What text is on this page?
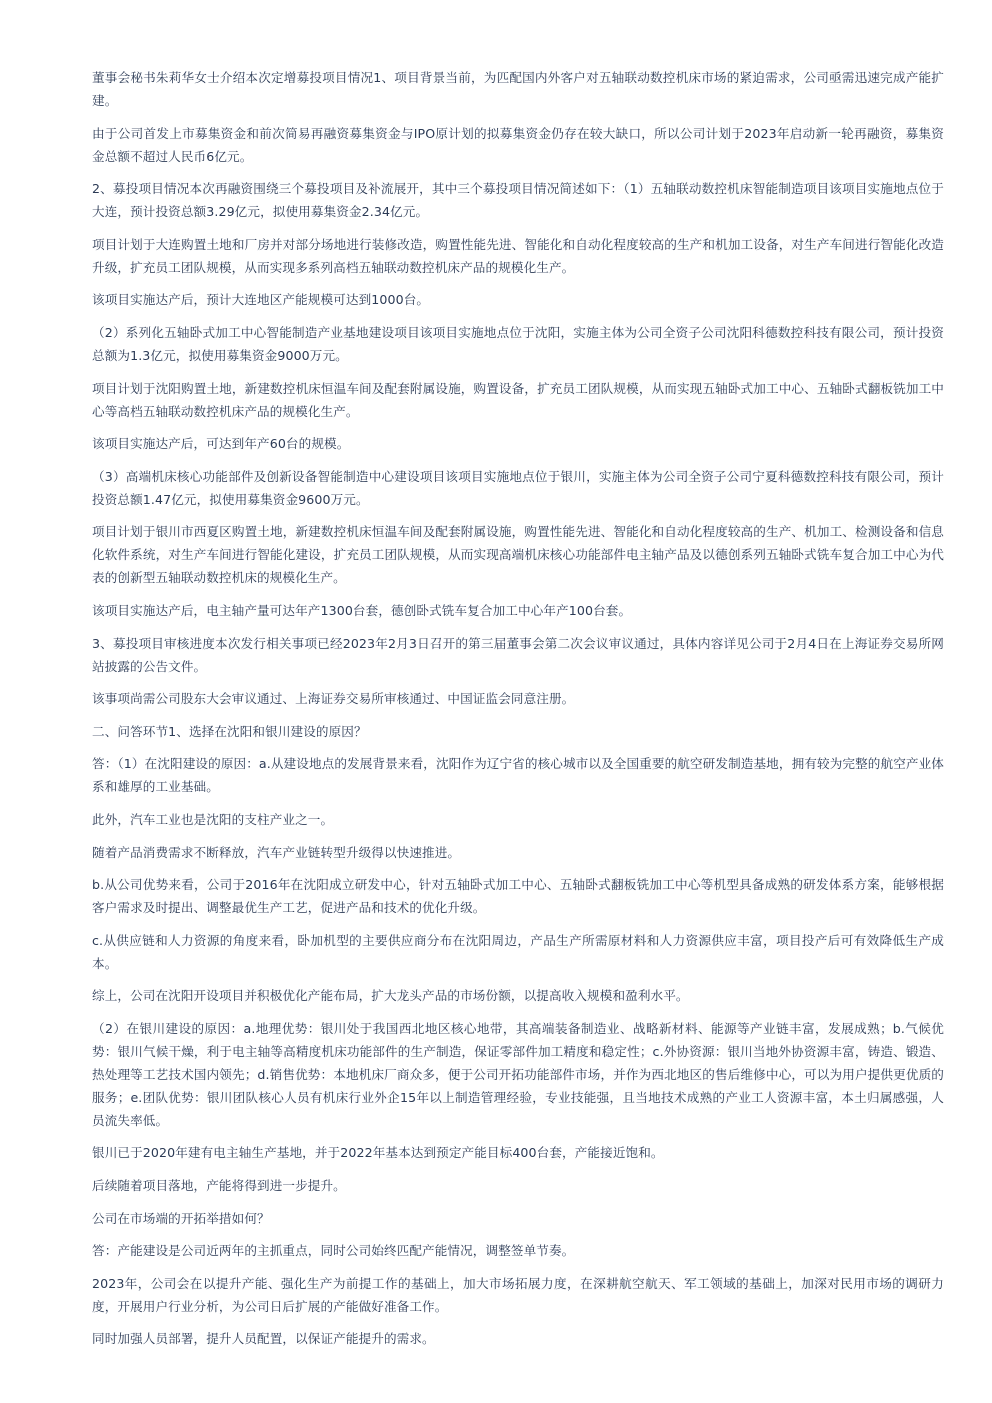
董事会秘书朱莉华女士介绍本次定增募投项目情况1、项目背景当前，为匹配国内外客户对五轴联动数控机床市场的紧迫需求，公司亟需迅速完成产能扩建。

由于公司首发上市募集资金和前次简易再融资募集资金与IPO原计划的拟募集资金仍存在较大缺口，所以公司计划于2023年启动新一轮再融资，募集资金总额不超过人民币6亿元。

2、募投项目情况本次再融资围绕三个募投项目及补流展开，其中三个募投项目情况简述如下：（1）五轴联动数控机床智能制造项目该项目实施地点位于大连，预计投资总额3.29亿元，拟使用募集资金2.34亿元。

项目计划于大连购置土地和厂房并对部分场地进行装修改造，购置性能先进、智能化和自动化程度较高的生产和机加工设备，对生产车间进行智能化改造升级，扩充员工团队规模，从而实现多系列高档五轴联动数控机床产品的规模化生产。

该项目实施达产后，预计大连地区产能规模可达到1000台。

（2）系列化五轴卧式加工中心智能制造产业基地建设项目该项目实施地点位于沈阳，实施主体为公司全资子公司沈阳科德数控科技有限公司，预计投资总额为1.3亿元，拟使用募集资金9000万元。

项目计划于沈阳购置土地，新建数控机床恒温车间及配套附属设施，购置设备，扩充员工团队规模，从而实现五轴卧式加工中心、五轴卧式翻板铣加工中心等高档五轴联动数控机床产品的规模化生产。

该项目实施达产后，可达到年产60台的规模。

（3）高端机床核心功能部件及创新设备智能制造中心建设项目该项目实施地点位于银川，实施主体为公司全资子公司宁夏科德数控科技有限公司，预计投资总额1.47亿元，拟使用募集资金9600万元。

项目计划于银川市西夏区购置土地，新建数控机床恒温车间及配套附属设施，购置性能先进、智能化和自动化程度较高的生产、机加工、检测设备和信息化软件系统，对生产车间进行智能化建设，扩充员工团队规模，从而实现高端机床核心功能部件电主轴产品及以德创系列五轴卧式铣车复合加工中心为代表的创新型五轴联动数控机床的规模化生产。

该项目实施达产后，电主轴产量可达年产1300台套，德创卧式铣车复合加工中心年产100台套。

3、募投项目审核进度本次发行相关事项已经2023年2月3日召开的第三届董事会第二次会议审议通过，具体内容详见公司于2月4日在上海证券交易所网站披露的公告文件。

该事项尚需公司股东大会审议通过、上海证券交易所审核通过、中国证监会同意注册。

二、问答环节1、选择在沈阳和银川建设的原因？

答：（1）在沈阳建设的原因：a.从建设地点的发展背景来看，沈阳作为辽宁省的核心城市以及全国重要的航空研发制造基地，拥有较为完整的航空产业体系和雄厚的工业基础。

此外，汽车工业也是沈阳的支柱产业之一。

随着产品消费需求不断释放，汽车产业链转型升级得以快速推进。

b.从公司优势来看，公司于2016年在沈阳成立研发中心，针对五轴卧式加工中心、五轴卧式翻板铣加工中心等机型具备成熟的研发体系方案，能够根据客户需求及时提出、调整最优生产工艺，促进产品和技术的优化升级。

c.从供应链和人力资源的角度来看，卧加机型的主要供应商分布在沈阳周边，产品生产所需原材料和人力资源供应丰富，项目投产后可有效降低生产成本。

综上，公司在沈阳开设项目并积极优化产能布局，扩大龙头产品的市场份额，以提高收入规模和盈利水平。

（2）在银川建设的原因：a.地理优势：银川处于我国西北地区核心地带，其高端装备制造业、战略新材料、能源等产业链丰富，发展成熟；b.气候优势：银川气候干燥，利于电主轴等高精度机床功能部件的生产制造，保证零部件加工精度和稳定性；c.外协资源：银川当地外协资源丰富，铸造、锻造、热处理等工艺技术国内领先；d.销售优势：本地机床厂商众多，便于公司开拓功能部件市场，并作为西北地区的售后维修中心，可以为用户提供更优质的服务；e.团队优势：银川团队核心人员有机床行业外企15年以上制造管理经验，专业技能强，且当地技术成熟的产业工人资源丰富，本土归属感强，人员流失率低。

银川已于2020年建有电主轴生产基地，并于2022年基本达到预定产能目标400台套，产能接近饱和。

后续随着项目落地，产能将得到进一步提升。

公司在市场端的开拓举措如何？

答：产能建设是公司近两年的主抓重点，同时公司始终匹配产能情况，调整签单节奏。

2023年，公司会在以提升产能、强化生产为前提工作的基础上，加大市场拓展力度，在深耕航空航天、军工领域的基础上，加深对民用市场的调研力度，开展用户行业分析，为公司日后扩展的产能做好准备工作。

同时加强人员部署，提升人员配置，以保证产能提升的需求。
